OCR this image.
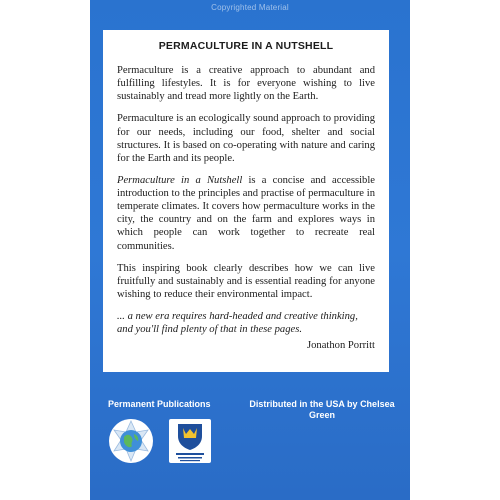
Copyrighted Material

PERMACULTURE IN A NUTSHELL

Permaculture is a creative approach to abundant and fulfilling lifestyles. It is for everyone wishing to live sustainably and tread more lightly on the Earth.

Permaculture is an ecologically sound approach to providing for our needs, including our food, shelter and social structures. It is based on co-operating with nature and caring for the Earth and its people.

Permaculture in a Nutshell is a concise and accessible introduction to the principles and practise of permaculture in temperate climates. It covers how permaculture works in the city, the country and on the farm and explores ways in which people can work together to recreate real communities.

This inspiring book clearly describes how we can live fruitfully and sustainably and is essential reading for anyone wishing to reduce their environmental impact.

... a new era requires hard-headed and creative thinking, and you'll find plenty of that in these pages.

Jonathon Porritt

Permanent Publications	Distributed in the USA by Chelsea Green
